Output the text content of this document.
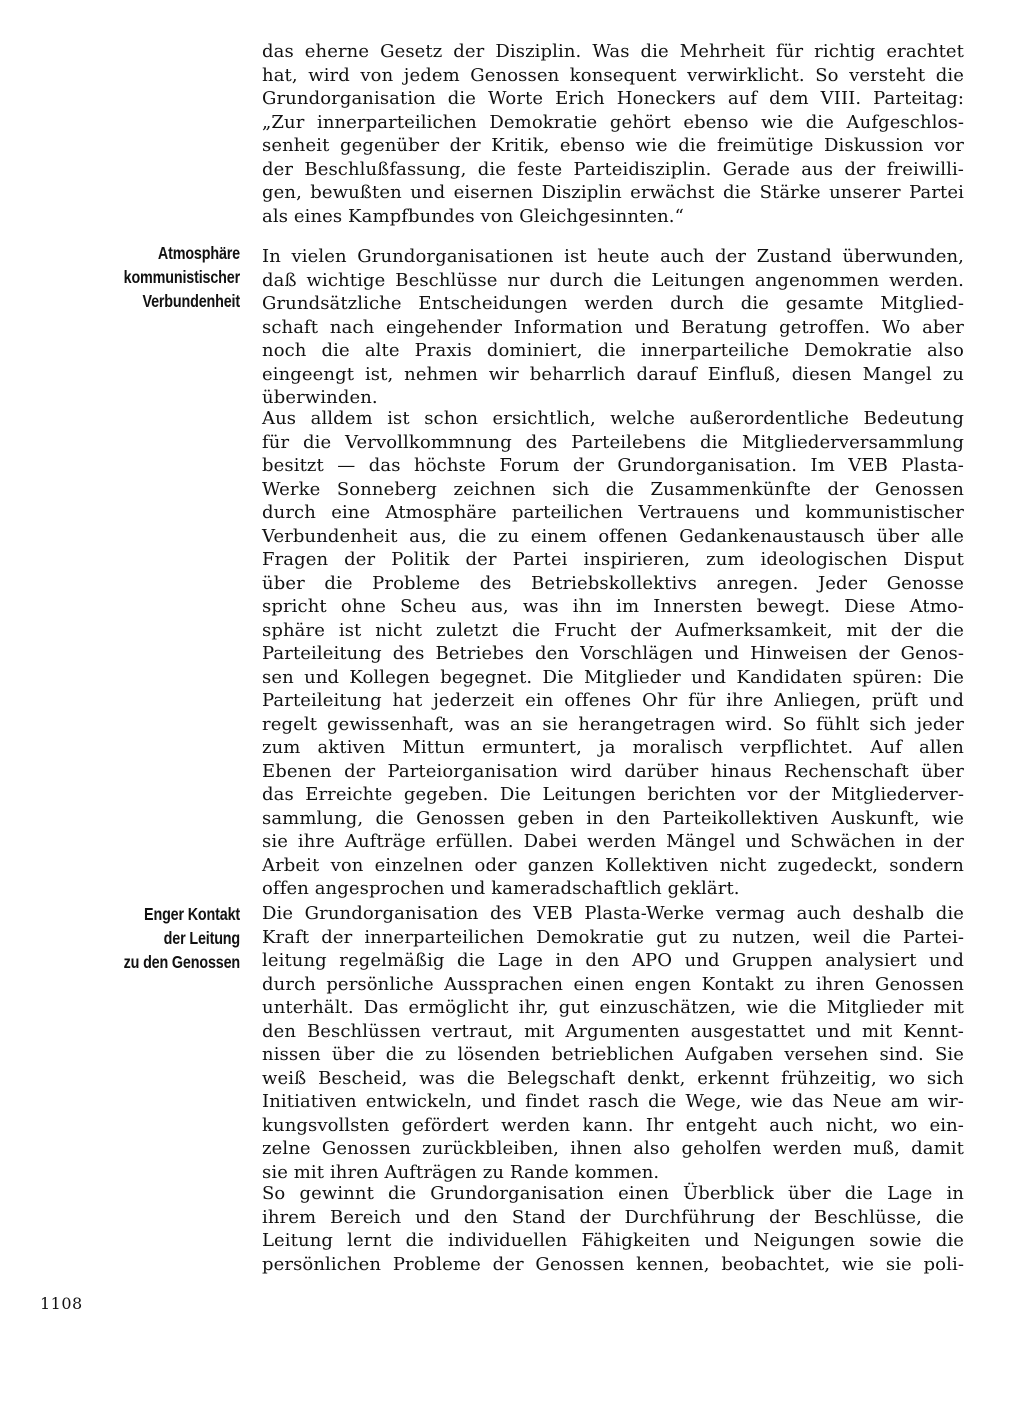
das eherne Gesetz der Disziplin. Was die Mehrheit für richtig erachtet
hat, wird von jedem Genossen konsequent verwirklicht. So versteht die
Grundorganisation die Worte Erich Honeckers auf dem VIII. Parteitag:
„Zur innerparteilichen Demokratie gehört ebenso wie die Aufgeschlos-
senheit gegenüber der Kritik, ebenso wie die freimütige Diskussion vor
der Beschlußfassung, die feste Parteidisziplin. Gerade aus der freiwilli-
gen, bewußten und eisernen Disziplin erwächst die Stärke unserer Partei
als eines Kampfbundes von Gleichgesinnten.“
Atmosphäre
kommunistischer
Verbundenheit
In vielen Grundorganisationen ist heute auch der Zustand überwunden,
daß wichtige Beschlüsse nur durch die Leitungen angenommen werden.
Grundsätzliche Entscheidungen werden durch die gesamte Mitglied-
schaft nach eingehender Information und Beratung getroffen. Wo aber
noch die alte Praxis dominiert, die innerparteiliche Demokratie also
eingeengt ist, nehmen wir beharrlich darauf Einfluß, diesen Mangel zu
überwinden.
Aus alldem ist schon ersichtlich, welche außerordentliche Bedeutung
für die Vervollkommnung des Parteilebens die Mitgliederversammlung
besitzt — das höchste Forum der Grundorganisation. Im VEB Plasta-
Werke Sonneberg zeichnen sich die Zusammenkünfte der Genossen
durch eine Atmosphäre parteilichen Vertrauens und kommunistischer
Verbundenheit aus, die zu einem offenen Gedankenaustausch über alle
Fragen der Politik der Partei inspirieren, zum ideologischen Disput
über die Probleme des Betriebskollektivs anregen. Jeder Genosse
spricht ohne Scheu aus, was ihn im Innersten bewegt. Diese Atmo-
sphäre ist nicht zuletzt die Frucht der Aufmerksamkeit, mit der die
Parteileitung des Betriebes den Vorschlägen und Hinweisen der Genos-
sen und Kollegen begegnet. Die Mitglieder und Kandidaten spüren: Die
Parteileitung hat jederzeit ein offenes Ohr für ihre Anliegen, prüft und
regelt gewissenhaft, was an sie herangetragen wird. So fühlt sich jeder
zum aktiven Mittun ermuntert, ja moralisch verpflichtet. Auf allen
Ebenen der Parteiorganisation wird darüber hinaus Rechenschaft über
das Erreichte gegeben. Die Leitungen berichten vor der Mitgliederver-
sammlung, die Genossen geben in den Parteikollektiven Auskunft, wie
sie ihre Aufträge erfüllen. Dabei werden Mängel und Schwächen in der
Arbeit von einzelnen oder ganzen Kollektiven nicht zugedeckt, sondern
offen angesprochen und kameradschaftlich geklärt.
Enger Kontakt
der Leitung
zu den Genossen
Die Grundorganisation des VEB Plasta-Werke vermag auch deshalb die
Kraft der innerparteilichen Demokratie gut zu nutzen, weil die Partei-
leitung regelmäßig die Lage in den APO und Gruppen analysiert und
durch persönliche Aussprachen einen engen Kontakt zu ihren Genossen
unterhält. Das ermöglicht ihr, gut einzuschätzen, wie die Mitglieder mit
den Beschlüssen vertraut, mit Argumenten ausgestattet und mit Kennt-
nissen über die zu lösenden betrieblichen Aufgaben versehen sind. Sie
weiß Bescheid, was die Belegschaft denkt, erkennt frühzeitig, wo sich
Initiativen entwickeln, und findet rasch die Wege, wie das Neue am wir-
kungsvollsten gefördert werden kann. Ihr entgeht auch nicht, wo ein-
zelne Genossen zurückbleiben, ihnen also geholfen werden muß, damit
sie mit ihren Aufträgen zu Rande kommen.
So gewinnt die Grundorganisation einen Überblick über die Lage in
ihrem Bereich und den Stand der Durchführung der Beschlüsse, die
Leitung lernt die individuellen Fähigkeiten und Neigungen sowie die
persönlichen Probleme der Genossen kennen, beobachtet, wie sie poli-
1108
